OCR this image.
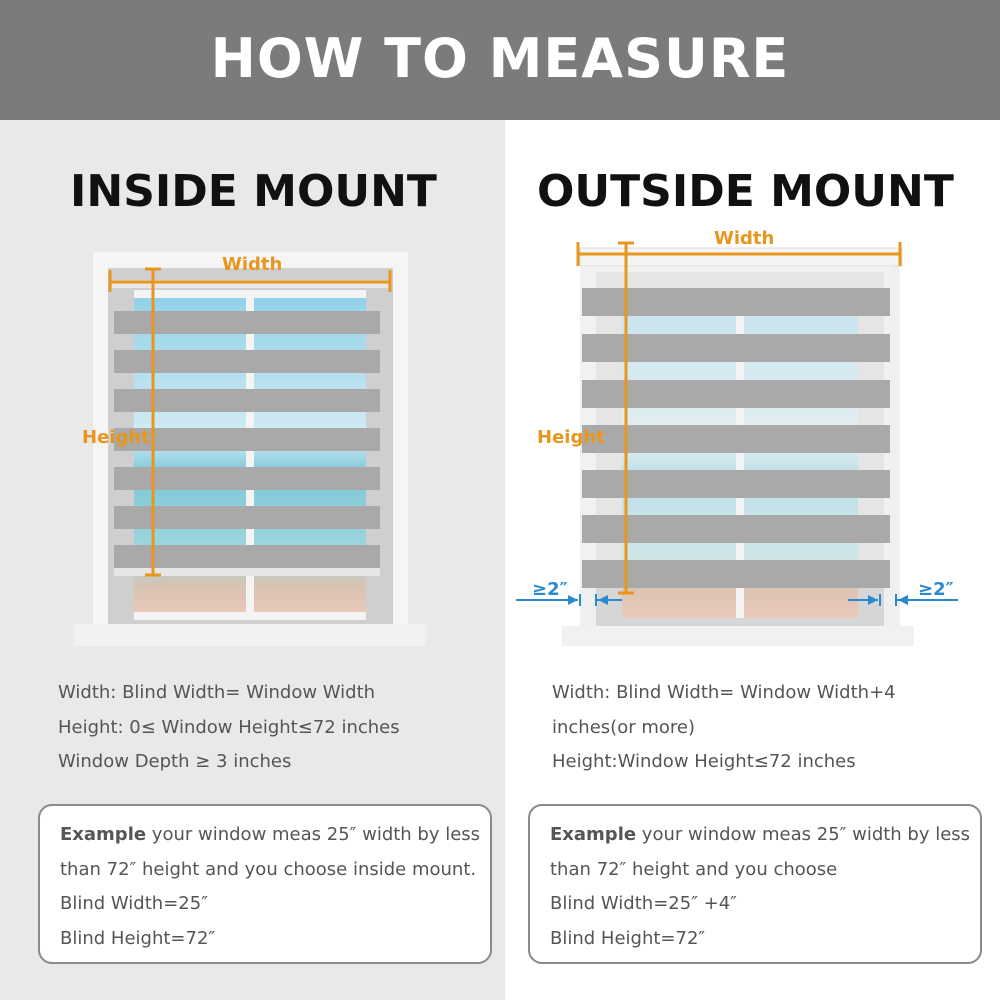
HOW TO MEASURE
INSIDE MOUNT OUTSIDE MOUNT
Width
Height
Width
Height
≥2″	≥2″
Width: Blind Width= Window Width
Height: 0≤ Window Height≤72 inches
Window Depth ≥ 3 inches
Width: Blind Width= Window Width+4
inches(or more)
Height:Window Height≤72 inches
Example your window meas 25″ width by less
than 72″ height and you choose inside mount.
Blind Width=25″
Blind Height=72″
Example your window meas 25″ width by less
than 72″ height and you choose
Blind Width=25″ +4″
Blind Height=72″
